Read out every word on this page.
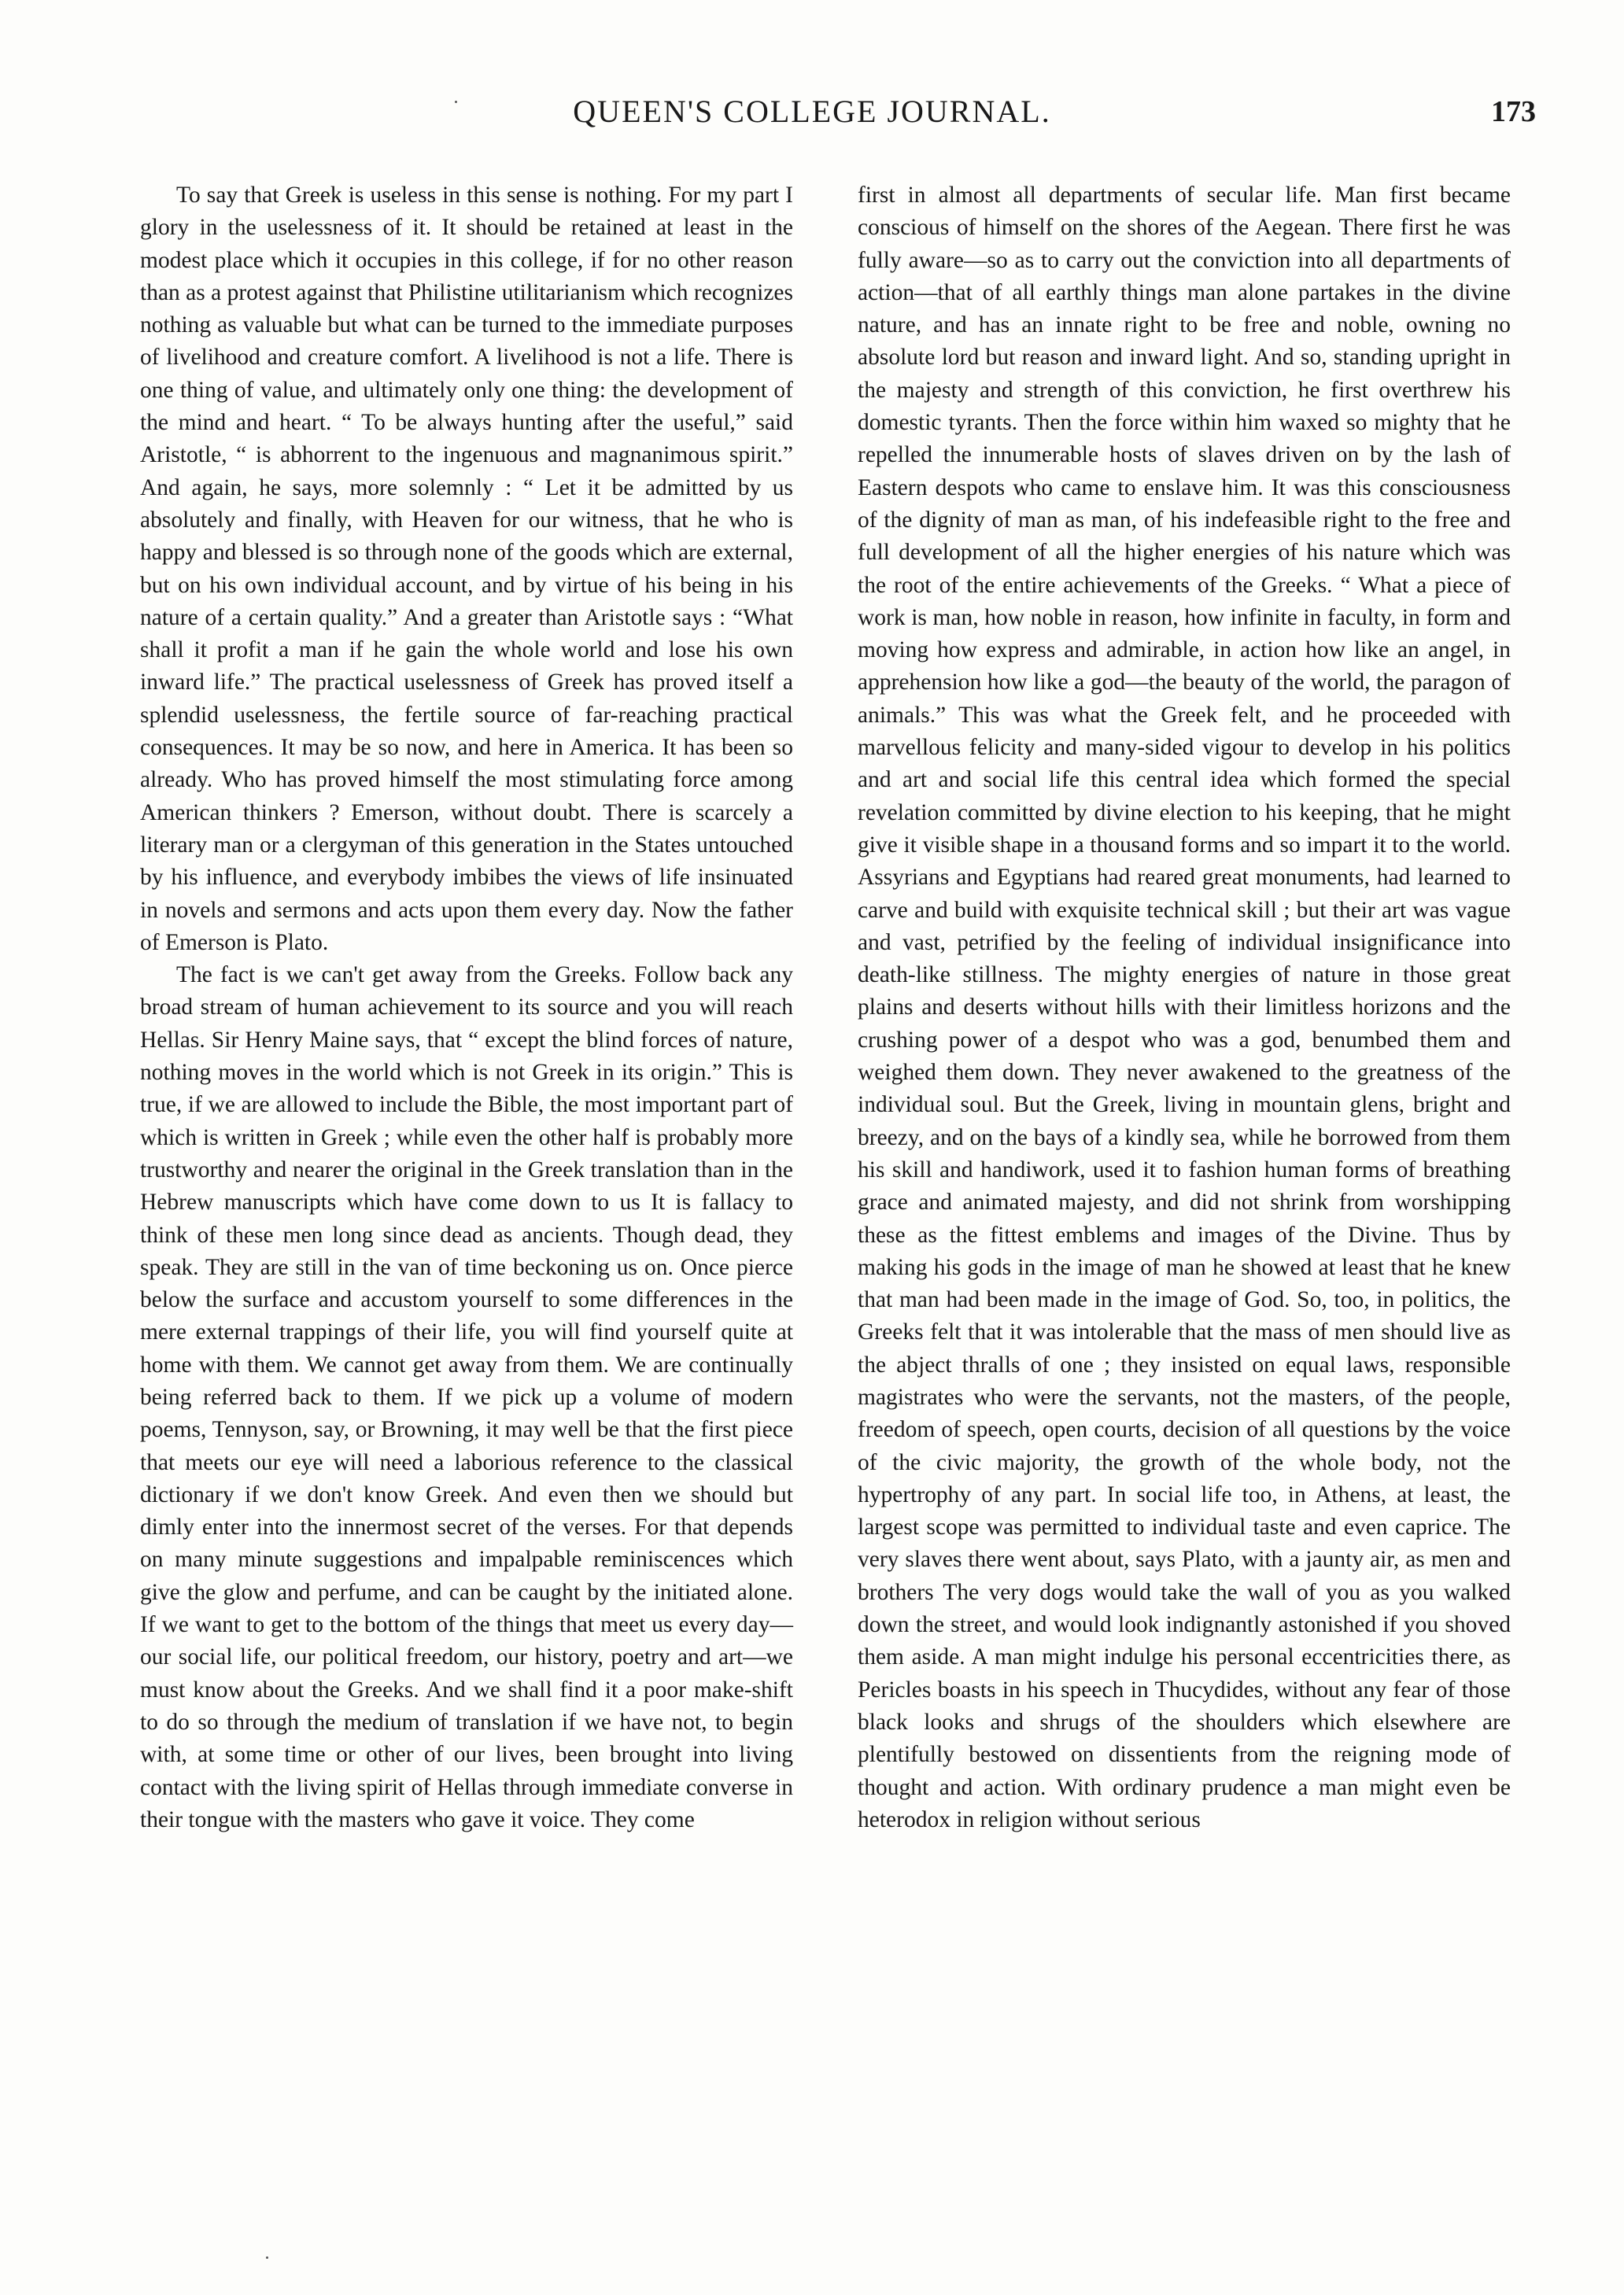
QUEEN'S COLLEGE JOURNAL.	173

To say that Greek is useless in this sense is nothing. For my part I glory in the uselessness of it. It should be retained at least in the modest place which it occupies in this college, if for no other reason than as a protest against that Philistine utilitarianism which recognizes nothing as valuable but what can be turned to the immediate purposes of livelihood and creature comfort. A livelihood is not a life. There is one thing of value, and ultimately only one thing: the development of the mind and heart. “ To be always hunting after the useful,” said Aristotle, “ is abhorrent to the ingenuous and magnanimous spirit.” And again, he says, more solemnly : “ Let it be admitted by us absolutely and finally, with Heaven for our witness, that he who is happy and blessed is so through none of the goods which are external, but on his own individual account, and by virtue of his being in his nature of a certain quality.” And a greater than Aristotle says : “What shall it profit a man if he gain the whole world and lose his own inward life.” The practical uselessness of Greek has proved itself a splendid uselessness, the fertile source of far-reaching practical consequences. It may be so now, and here in America. It has been so already. Who has proved himself the most stimulating force among American thinkers ? Emerson, without doubt. There is scarcely a literary man or a clergyman of this generation in the States untouched by his influence, and everybody imbibes the views of life insinuated in novels and sermons and acts upon them every day. Now the father of Emerson is Plato.

The fact is we can't get away from the Greeks. Follow back any broad stream of human achievement to its source and you will reach Hellas. Sir Henry Maine says, that “ except the blind forces of nature, nothing moves in the world which is not Greek in its origin.” This is true, if we are allowed to include the Bible, the most important part of which is written in Greek ; while even the other half is probably more trustworthy and nearer the original in the Greek translation than in the Hebrew manuscripts which have come down to us It is fallacy to think of these men long since dead as ancients. Though dead, they speak. They are still in the van of time beckoning us on. Once pierce below the surface and accustom yourself to some differences in the mere external trappings of their life, you will find yourself quite at home with them. We cannot get away from them. We are continually being referred back to them. If we pick up a volume of modern poems, Tennyson, say, or Browning, it may well be that the first piece that meets our eye will need a laborious reference to the classical dictionary if we don't know Greek. And even then we should but dimly enter into the innermost secret of the verses. For that depends on many minute suggestions and impalpable reminiscences which give the glow and perfume, and can be caught by the initiated alone. If we want to get to the bottom of the things that meet us every day—our social life, our political freedom, our history, poetry and art—we must know about the Greeks. And we shall find it a poor make-shift to do so through the medium of translation if we have not, to begin with, at some time or other of our lives, been brought into living contact with the living spirit of Hellas through immediate converse in their tongue with the masters who gave it voice. They come

first in almost all departments of secular life. Man first became conscious of himself on the shores of the Aegean. There first he was fully aware—so as to carry out the conviction into all departments of action—that of all earthly things man alone partakes in the divine nature, and has an innate right to be free and noble, owning no absolute lord but reason and inward light. And so, standing upright in the majesty and strength of this conviction, he first overthrew his domestic tyrants. Then the force within him waxed so mighty that he repelled the innumerable hosts of slaves driven on by the lash of Eastern despots who came to enslave him. It was this consciousness of the dignity of man as man, of his indefeasible right to the free and full development of all the higher energies of his nature which was the root of the entire achievements of the Greeks. “ What a piece of work is man, how noble in reason, how infinite in faculty, in form and moving how express and admirable, in action how like an angel, in apprehension how like a god—the beauty of the world, the paragon of animals.” This was what the Greek felt, and he proceeded with marvellous felicity and many-sided vigour to develop in his politics and art and social life this central idea which formed the special revelation committed by divine election to his keeping, that he might give it visible shape in a thousand forms and so impart it to the world. Assyrians and Egyptians had reared great monuments, had learned to carve and build with exquisite technical skill ; but their art was vague and vast, petrified by the feeling of individual insignificance into death-like stillness. The mighty energies of nature in those great plains and deserts without hills with their limitless horizons and the crushing power of a despot who was a god, benumbed them and weighed them down. They never awakened to the greatness of the individual soul. But the Greek, living in mountain glens, bright and breezy, and on the bays of a kindly sea, while he borrowed from them his skill and handiwork, used it to fashion human forms of breathing grace and animated majesty, and did not shrink from worshipping these as the fittest emblems and images of the Divine. Thus by making his gods in the image of man he showed at least that he knew that man had been made in the image of God. So, too, in politics, the Greeks felt that it was intolerable that the mass of men should live as the abject thralls of one ; they insisted on equal laws, responsible magistrates who were the servants, not the masters, of the people, freedom of speech, open courts, decision of all questions by the voice of the civic majority, the growth of the whole body, not the hypertrophy of any part. In social life too, in Athens, at least, the largest scope was permitted to individual taste and even caprice. The very slaves there went about, says Plato, with a jaunty air, as men and brothers The very dogs would take the wall of you as you walked down the street, and would look indignantly astonished if you shoved them aside. A man might indulge his personal eccentricities there, as Pericles boasts in his speech in Thucydides, without any fear of those black looks and shrugs of the shoulders which elsewhere are plentifully bestowed on dissentients from the reigning mode of thought and action. With ordinary prudence a man might even be heterodox in religion without serious
